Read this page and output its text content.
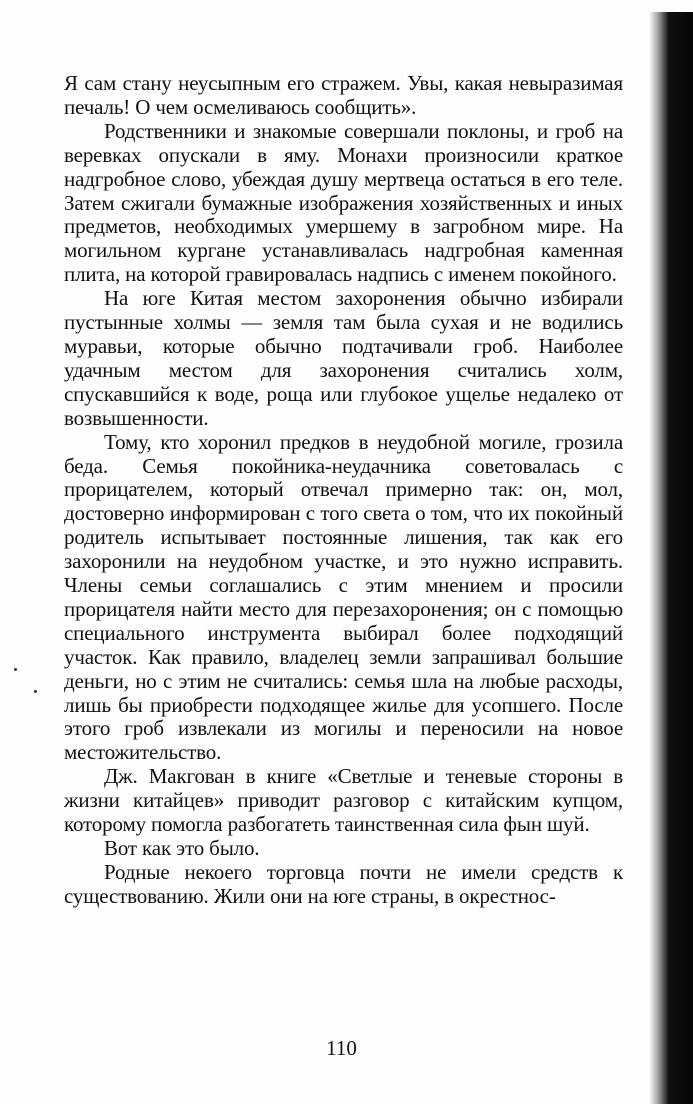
Я сам стану неусыпным его стражем. Увы, какая невыразимая печаль! О чем осмеливаюсь сообщить».

Родственники и знакомые совершали поклоны, и гроб на веревках опускали в яму. Монахи произносили краткое надгробное слово, убеждая душу мертвеца остаться в его теле. Затем сжигали бумажные изображения хозяйственных и иных предметов, необходимых умершему в загробном мире. На могильном кургане устанавливалась надгробная каменная плита, на которой гравировалась надпись с именем покойного.

На юге Китая местом захоронения обычно избирали пустынные холмы — земля там была сухая и не водились муравьи, которые обычно подтачивали гроб. Наиболее удачным местом для захоронения считались холм, спускавшийся к воде, роща или глубокое ущелье недалеко от возвышенности.

Тому, кто хоронил предков в неудобной могиле, грозила беда. Семья покойника-неудачника советовалась с прорицателем, который отвечал примерно так: он, мол, достоверно информирован с того света о том, что их покойный родитель испытывает постоянные лишения, так как его захоронили на неудобном участке, и это нужно исправить. Члены семьи соглашались с этим мнением и просили прорицателя найти место для перезахоронения; он с помощью специального инструмента выбирал более подходящий участок. Как правило, владелец земли запрашивал большие деньги, но с этим не считались: семья шла на любые расходы, лишь бы приобрести подходящее жилье для усопшего. После этого гроб извлекали из могилы и переносили на новое местожительство.

Дж. Макгован в книге «Светлые и теневые стороны в жизни китайцев» приводит разговор с китайским купцом, которому помогла разбогатеть таинственная сила фын шуй.

Вот как это было.

Родные некоего торговца почти не имели средств к существованию. Жили они на юге страны, в окрестнос-

110
